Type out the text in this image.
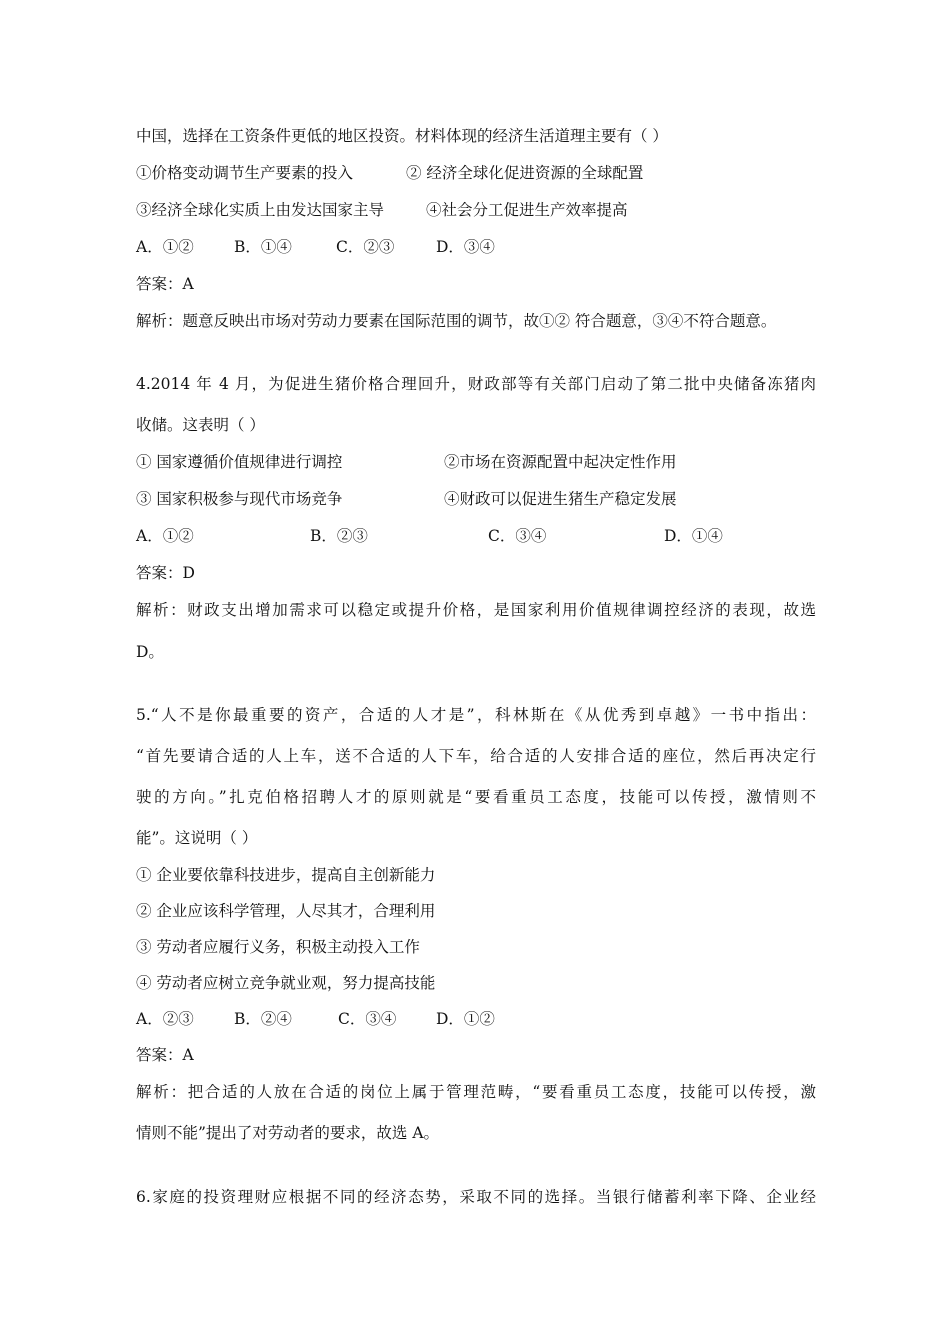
中国，选择在工资条件更低的地区投资。材料体现的经济生活道理主要有（ ）
①价格变动调节生产要素的投入	② 经济全球化促进资源的全球配置
③经济全球化实质上由发达国家主导	④社会分工促进生产效率提高
A．①②	B．①④	C．②③	D．③④
答案：A
解析：题意反映出市场对劳动力要素在国际范围的调节，故①② 符合题意，③④不符合题意。
4.2014 年 4 月，为促进生猪价格合理回升，财政部等有关部门启动了第二批中央储备冻猪肉
收储。这表明（ ）
① 国家遵循价值规律进行调控	②市场在资源配置中起决定性作用
③ 国家积极参与现代市场竞争	④财政可以促进生猪生产稳定发展
A．①②	B．②③	C．③④	D．①④
答案：D
解析：财政支出增加需求可以稳定或提升价格，是国家利用价值规律调控经济的表现，故选
D。
5.“人不是你最重要的资产，合适的人才是”，科林斯在《从优秀到卓越》一书中指出：
“首先要请合适的人上车，送不合适的人下车，给合适的人安排合适的座位，然后再决定行
驶的方向。”扎克伯格招聘人才的原则就是“要看重员工态度，技能可以传授，激情则不
能”。这说明（ ）
① 企业要依靠科技进步，提高自主创新能力
② 企业应该科学管理，人尽其才，合理利用
③ 劳动者应履行义务，积极主动投入工作
④ 劳动者应树立竞争就业观，努力提高技能
A．②③	B．②④	C．③④	D．①②
答案：A
解析：把合适的人放在合适的岗位上属于管理范畴，“要看重员工态度，技能可以传授，激
情则不能”提出了对劳动者的要求，故选 A。
6.家庭的投资理财应根据不同的经济态势，采取不同的选择。当银行储蓄利率下降、企业经
